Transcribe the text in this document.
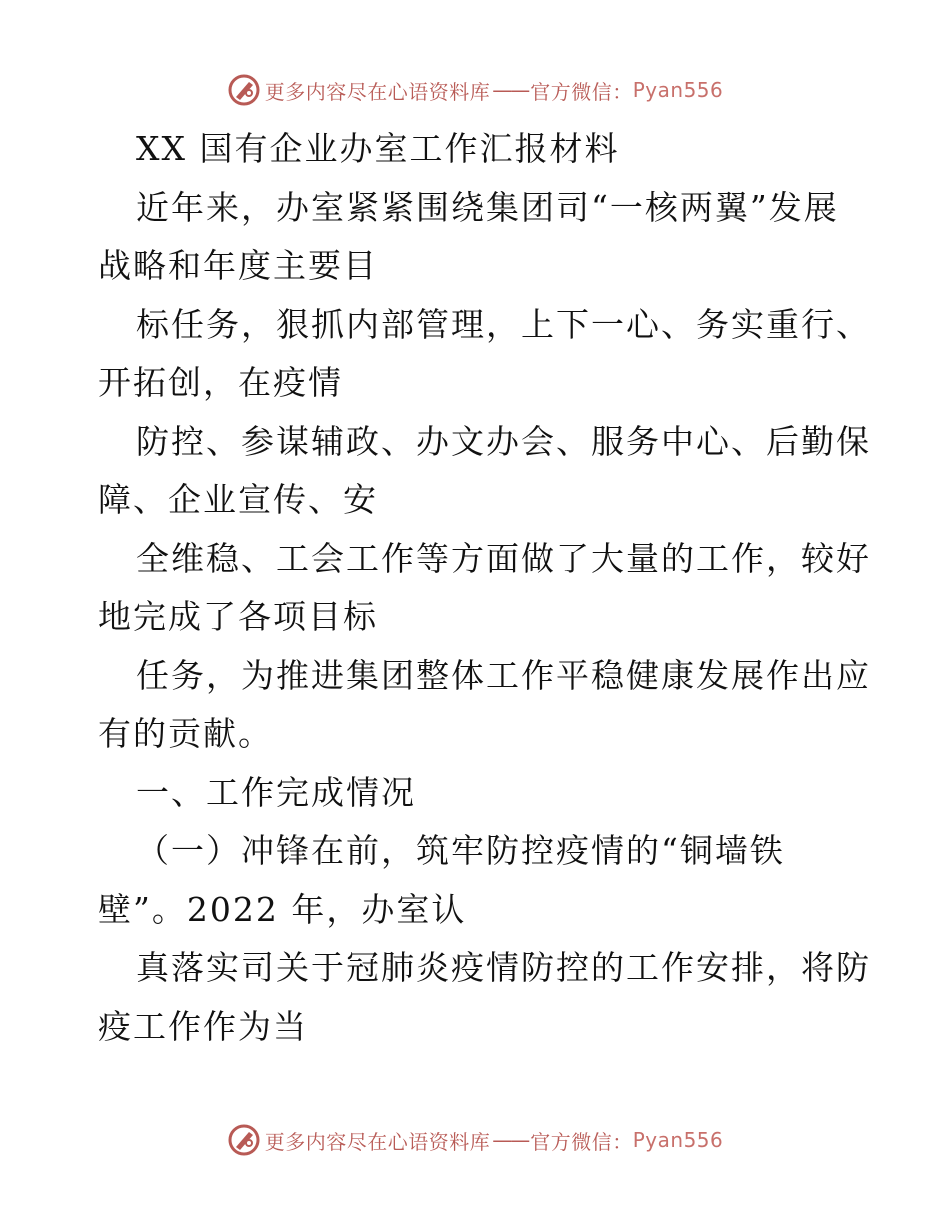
更多内容尽在心语资料库 —— 官方微信： Pyan556
XX 国有企业办室工作汇报材料
近年来，办室紧紧围绕集团司“一核两翼”发展
战略和年度主要目
标任务，狠抓内部管理，上下一心、务实重行、
开拓创，在疫情
防控、参谋辅政、办文办会、服务中心、后勤保
障、企业宣传、安
全维稳、工会工作等方面做了大量的工作，较好
地完成了各项目标
任务，为推进集团整体工作平稳健康发展作出应
有的贡献。
一、工作完成情况
（一）冲锋在前，筑牢防控疫情的“铜墙铁
壁”。2022 年，办室认
真落实司关于冠肺炎疫情防控的工作安排，将防
疫工作作为当
更多内容尽在心语资料库 —— 官方微信： Pyan556
